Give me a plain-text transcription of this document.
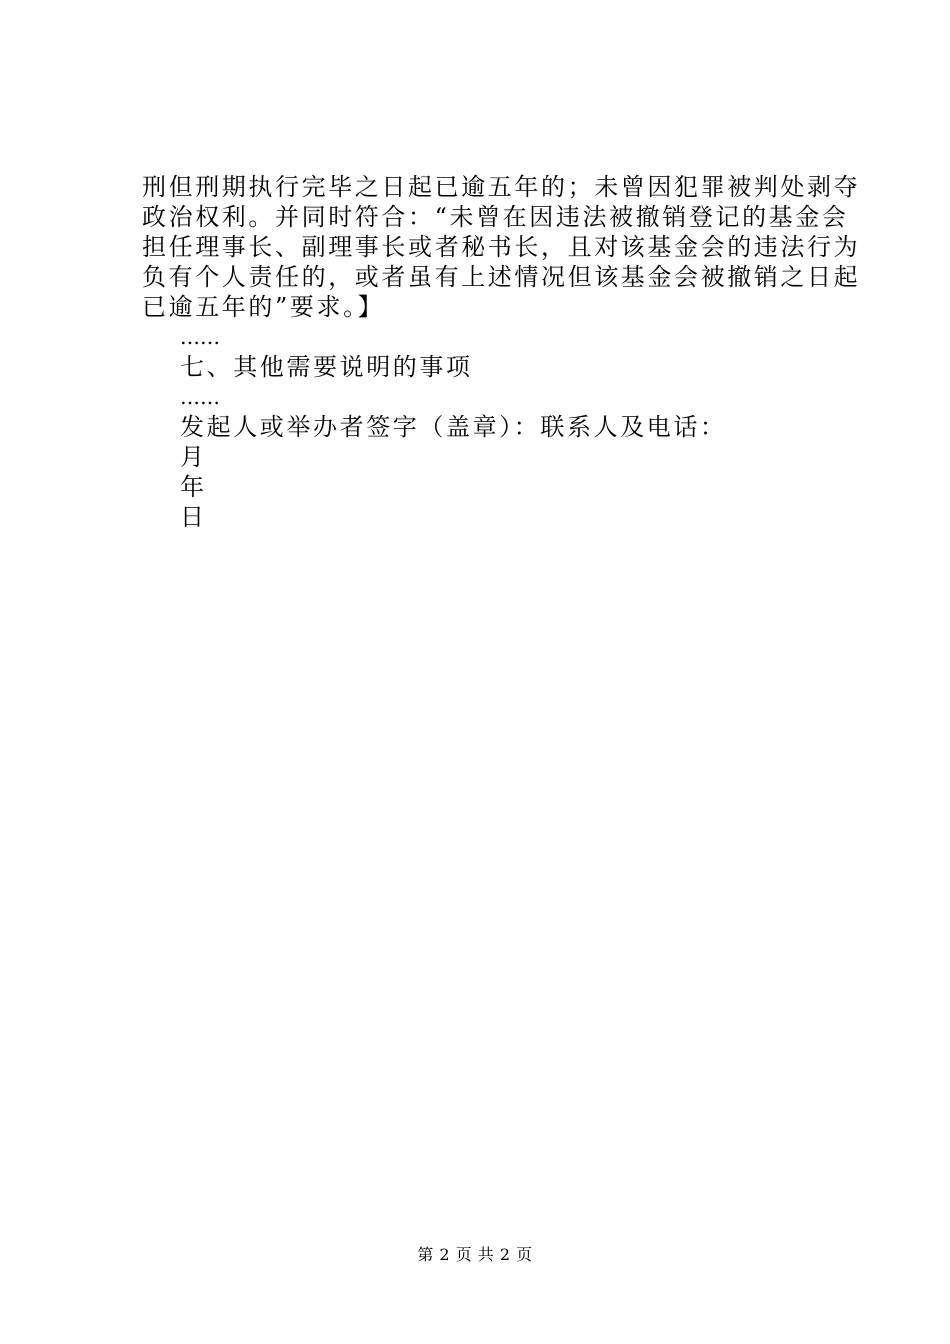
刑但刑期执行完毕之日起已逾五年的；未曾因犯罪被判处剥夺
政治权利。并同时符合：“未曾在因违法被撤销登记的基金会
担任理事长、副理事长或者秘书长，且对该基金会的违法行为
负有个人责任的，或者虽有上述情况但该基金会被撤销之日起
已逾五年的”要求。】
……
七、其他需要说明的事项
……
发起人或举办者签字（盖章）：联系人及电话：
月
年
日
第 2 页 共 2 页
